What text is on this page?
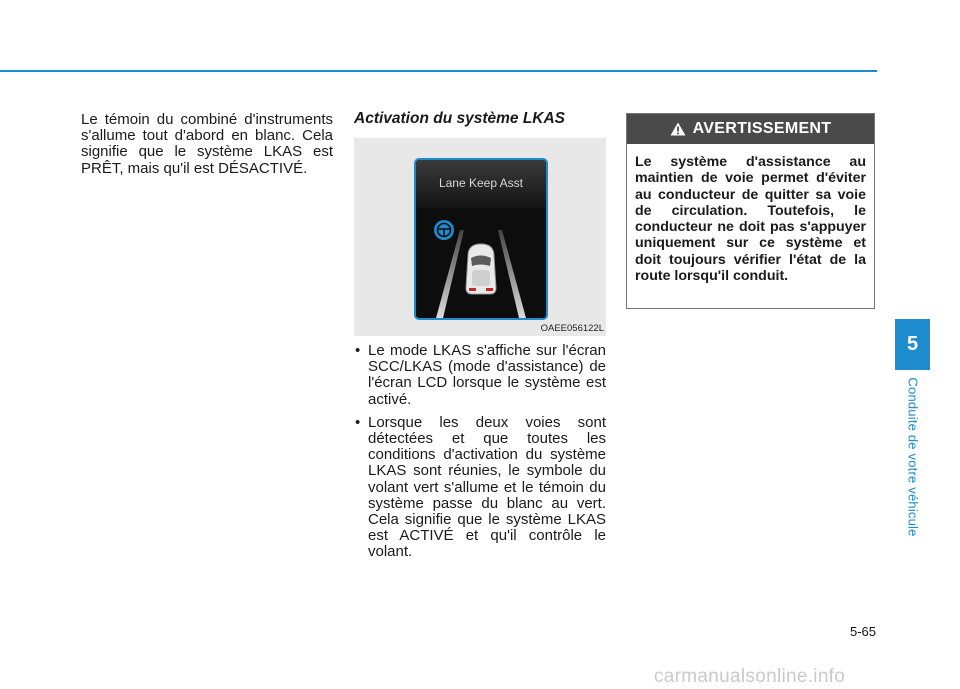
Le témoin du combiné d'instruments s'allume tout d'abord en blanc. Cela signifie que le système LKAS est PRÊT, mais qu'il est DÉSACTIVÉ.
Activation du système LKAS
Lane Keep Asst
OAEE056122L
• Le mode LKAS s'affiche sur l'écran SCC/LKAS (mode d'assistance) de l'écran LCD lorsque le système est activé.
• Lorsque les deux voies sont détectées et que toutes les conditions d'activation du système LKAS sont réunies, le symbole du volant vert s'allume et le témoin du système passe du blanc au vert. Cela signifie que le système LKAS est ACTIVÉ et qu'il contrôle le volant.
AVERTISSEMENT
Le système d'assistance au maintien de voie permet d'éviter au conducteur de quitter sa voie de circulation. Toutefois, le conducteur ne doit pas s'appuyer uniquement sur ce système et doit toujours vérifier l'état de la route lorsqu'il conduit.
5
Conduite de votre véhicule
5-65
carmanualsonline.info
